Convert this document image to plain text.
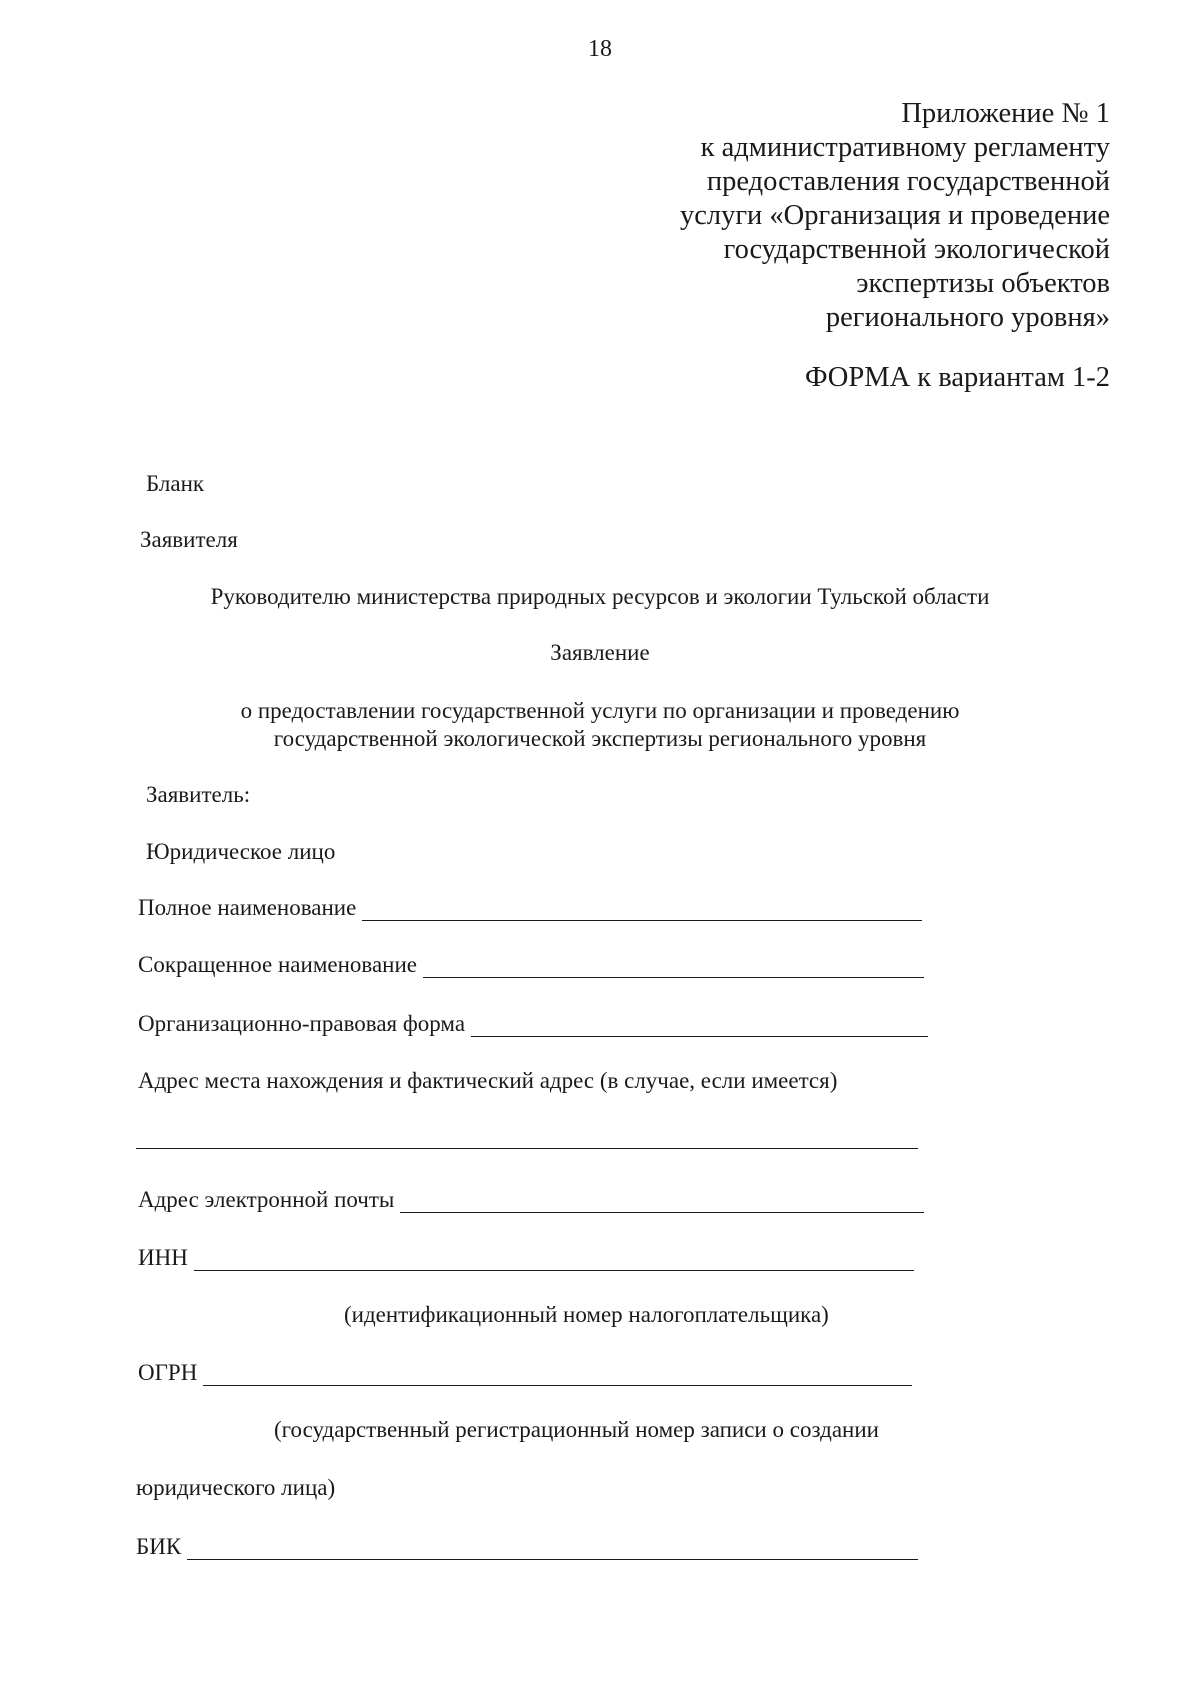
18
Приложение № 1
к административному регламенту
предоставления государственной
услуги «Организация и проведение
государственной экологической
экспертизы объектов
регионального уровня»
ФОРМА к вариантам 1-2
Бланк
Заявителя
Руководителю министерства природных ресурсов и экологии Тульской области
Заявление
о предоставлении государственной услуги по организации и проведению
государственной экологической экспертизы регионального уровня
Заявитель:
Юридическое лицо
Полное наименование
Сокращенное наименование
Организационно-правовая форма
Адрес места нахождения и фактический адрес (в случае, если имеется)
Адрес электронной почты
ИНН
(идентификационный номер налогоплательщика)
ОГРН
(государственный регистрационный номер записи о создании
юридического лица)
БИК
